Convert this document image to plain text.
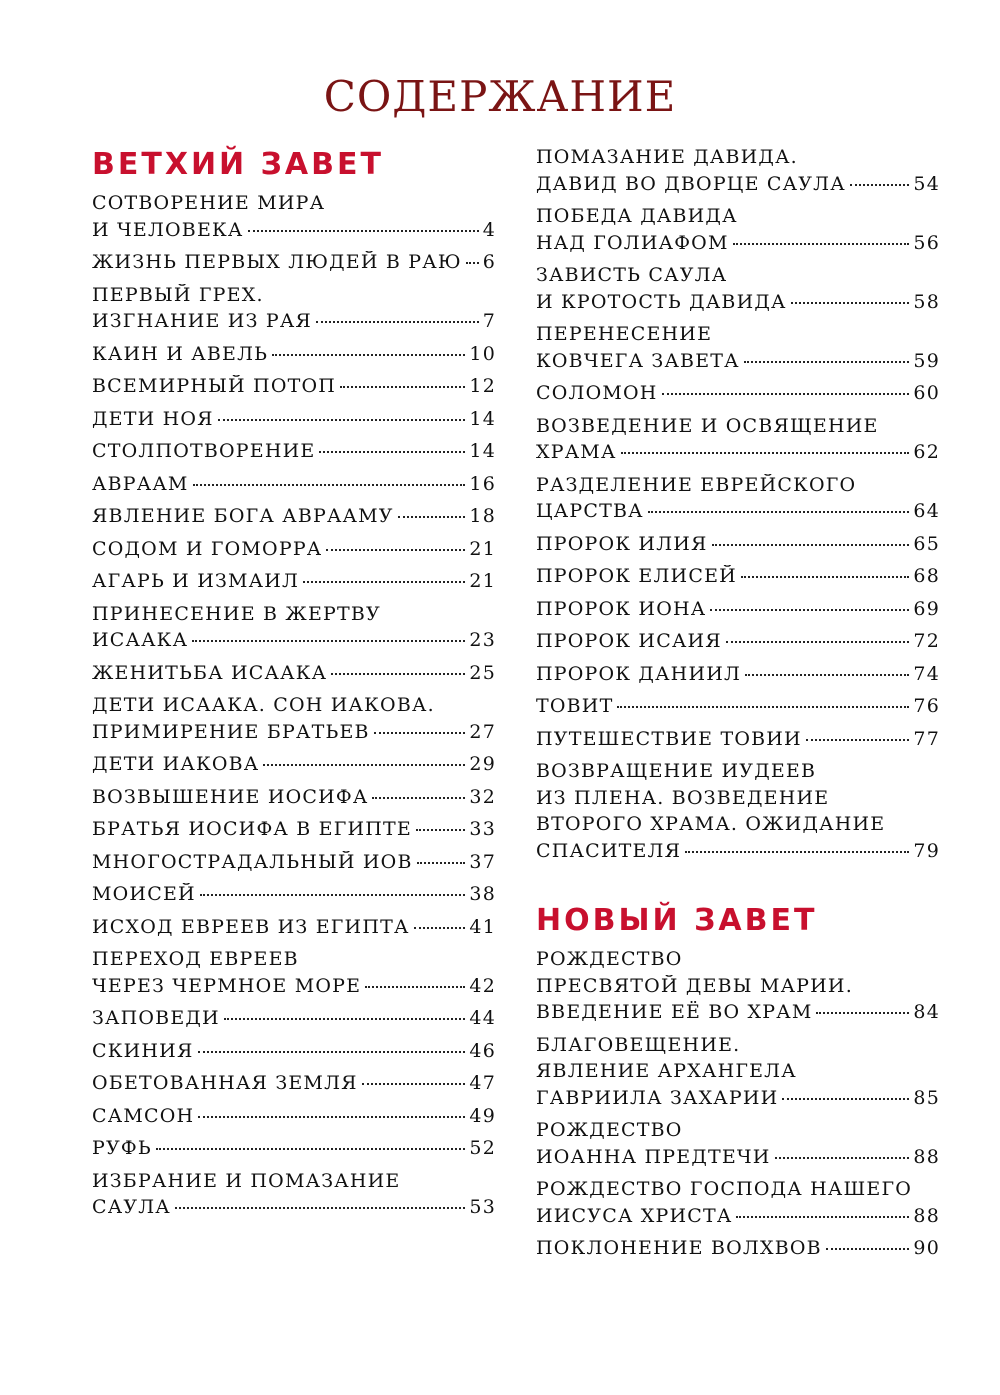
СОДЕРЖАНИЕ
ВЕТХИЙ ЗАВЕТ
СОТВОРЕНИЕ МИРА
И ЧЕЛОВЕКА	4
ЖИЗНЬ ПЕРВЫХ ЛЮДЕЙ В РАЮ 6
ПЕРВЫЙ ГРЕХ.
ИЗГНАНИЕ ИЗ РАЯ	7
КАИН И АВЕЛЬ	10
ВСЕМИРНЫЙ ПОТОП	12
ДЕТИ НОЯ	14
СТОЛПОТВОРЕНИЕ	14
АВРААМ	16
ЯВЛЕНИЕ БОГА АВРААМУ	18
СОДОМ И ГОМОРРА	21
АГАРЬ И ИЗМАИЛ	21
ПРИНЕСЕНИЕ В ЖЕРТВУ
ИСААКА	23
ЖЕНИТЬБА ИСААКА	25
ДЕТИ ИСААКА. СОН ИАКОВА.
ПРИМИРЕНИЕ БРАТЬЕВ	27
ДЕТИ ИАКОВА	29
ВОЗВЫШЕНИЕ ИОСИФА	32
БРАТЬЯ ИОСИФА В ЕГИПТЕ	33
МНОГОСТРАДАЛЬНЫЙ ИОВ	37
МОИСЕЙ	38
ИСХОД ЕВРЕЕВ ИЗ ЕГИПТА	41
ПЕРЕХОД ЕВРЕЕВ
ЧЕРЕЗ ЧЕРМНОЕ МОРЕ	42
ЗАПОВЕДИ	44
СКИНИЯ	46
ОБЕТОВАННАЯ ЗЕМЛЯ	47
САМСОН	49
РУФЬ	52
ИЗБРАНИЕ И ПОМАЗАНИЕ
САУЛА	53
ПОМАЗАНИЕ ДАВИДА.
ДАВИД ВО ДВОРЦЕ САУЛА	54
ПОБЕДА ДАВИДА
НАД ГОЛИАФОМ	56
ЗАВИСТЬ САУЛА
И КРОТОСТЬ ДАВИДА	58
ПЕРЕНЕСЕНИЕ
КОВЧЕГА ЗАВЕТА	59
СОЛОМОН	60
ВОЗВЕДЕНИЕ И ОСВЯЩЕНИЕ
ХРАМА	62
РАЗДЕЛЕНИЕ ЕВРЕЙСКОГО
ЦАРСТВА	64
ПРОРОК ИЛИЯ	65
ПРОРОК ЕЛИСЕЙ	68
ПРОРОК ИОНА	69
ПРОРОК ИСАИЯ	72
ПРОРОК ДАНИИЛ	74
ТОВИТ	76
ПУТЕШЕСТВИЕ ТОВИИ	77
ВОЗВРАЩЕНИЕ ИУДЕЕВ
ИЗ ПЛЕНА. ВОЗВЕДЕНИЕ
ВТОРОГО ХРАМА. ОЖИДАНИЕ
СПАСИТЕЛЯ	79
НОВЫЙ ЗАВЕТ
РОЖДЕСТВО
ПРЕСВЯТОЙ ДЕВЫ МАРИИ.
ВВЕДЕНИЕ ЕЁ ВО ХРАМ	84
БЛАГОВЕЩЕНИЕ.
ЯВЛЕНИЕ АРХАНГЕЛА
ГАВРИИЛА ЗАХАРИИ	85
РОЖДЕСТВО
ИОАННА ПРЕДТЕЧИ	88
РОЖДЕСТВО ГОСПОДА НАШЕГО
ИИСУСА ХРИСТА	88
ПОКЛОНЕНИЕ ВОЛХВОВ	90
